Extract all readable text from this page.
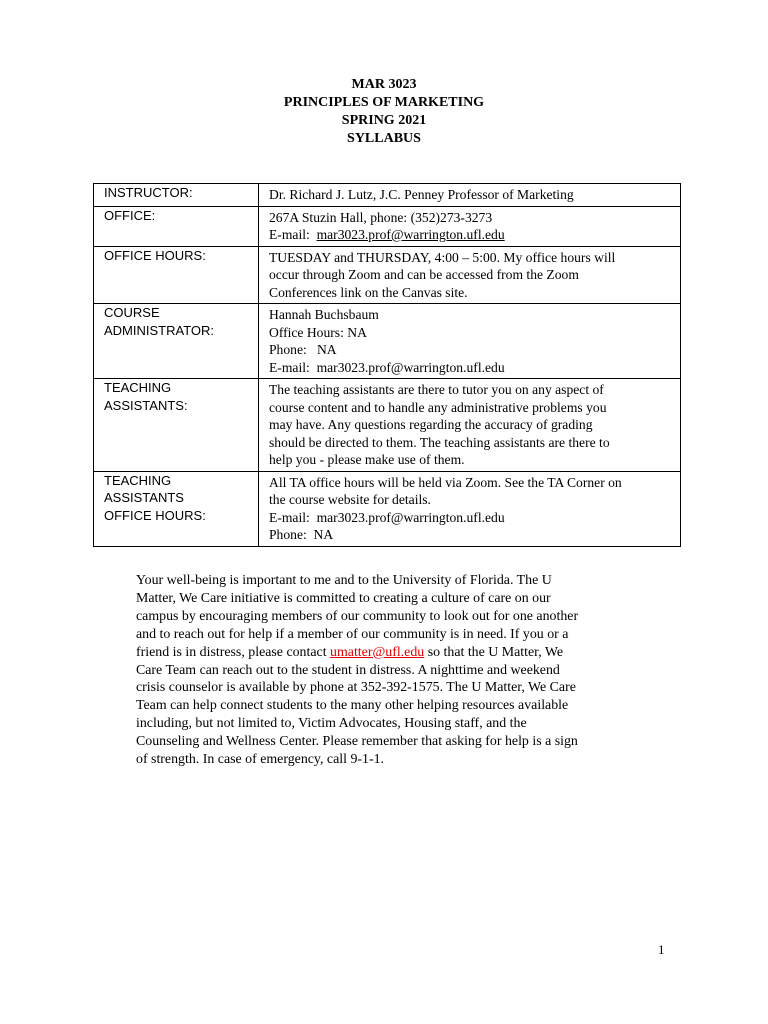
MAR 3023
PRINCIPLES OF MARKETING
SPRING 2021
SYLLABUS
INSTRUCTOR:	Dr. Richard J. Lutz, J.C. Penney Professor of Marketing
OFFICE:	267A Stuzin Hall, phone: (352)273-3273
E-mail:  mar3023.prof@warrington.ufl.edu

OFFICE HOURS:	TUESDAY and THURSDAY, 4:00 – 5:00. My office hours will
occur through Zoom and can be accessed from the Zoom
Conferences link on the Canvas site.

COURSE
ADMINISTRATOR:	Hannah Buchsbaum
Office Hours: NA
Phone:   NA
E-mail:  mar3023.prof@warrington.ufl.edu

TEACHING
ASSISTANTS:	The teaching assistants are there to tutor you on any aspect of
course content and to handle any administrative problems you
may have. Any questions regarding the accuracy of grading
should be directed to them. The teaching assistants are there to
help you - please make use of them.

TEACHING
ASSISTANTS
OFFICE HOURS:	All TA office hours will be held via Zoom. See the TA Corner on
the course website for details.
E-mail:  mar3023.prof@warrington.ufl.edu
Phone:  NA
Your well-being is important to me and to the University of Florida. The U
Matter, We Care initiative is committed to creating a culture of care on our
campus by encouraging members of our community to look out for one another
and to reach out for help if a member of our community is in need. If you or a
friend is in distress, please contact umatter@ufl.edu so that the U Matter, We
Care Team can reach out to the student in distress. A nighttime and weekend
crisis counselor is available by phone at 352-392-1575. The U Matter, We Care
Team can help connect students to the many other helping resources available
including, but not limited to, Victim Advocates, Housing staff, and the
Counseling and Wellness Center. Please remember that asking for help is a sign
of strength. In case of emergency, call 9-1-1.
1
